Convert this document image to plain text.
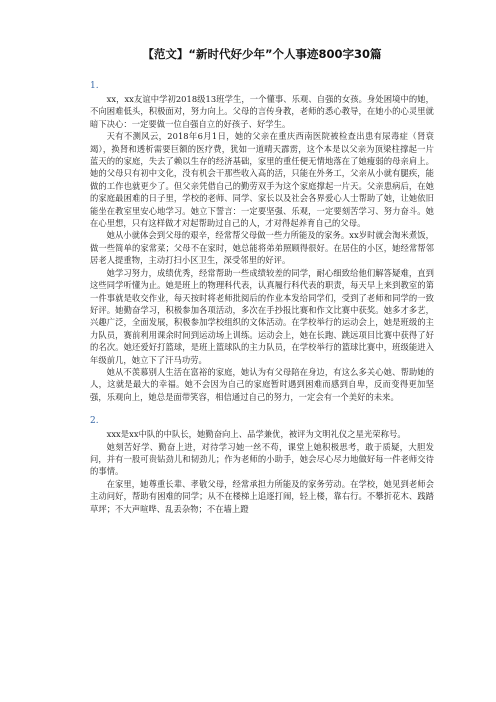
【范文】“新时代好少年”个人事迹800字30篇
1.

xx，xx友谊中学初2018级13班学生，一个懂事、乐观、自强的女孩。身处困境中的她，不向困难低头，积极面对，努力向上。父母的言传身教，老师的悉心教导，在她小的心灵里就暗下决心：一定要做一位自强自立的好孩子、好学生。

天有不测风云，2018年6月1日，她的父亲在重庆西南医院被检查出患有尿毒症（肾衰竭），换肾和透析需要巨额的医疗费，犹如一道晴天霹雳，这个本是以父亲为顶梁柱撑起一片蓝天的的家庭，失去了赖以生存的经济基础，家里的重任便无情地落在了她瘦弱的母亲肩上。她的父母只有初中文化，没有机会干那些收入高的活，只能在外务工，父亲从小就有腿疾，能做的工作也就更少了。但父亲凭借自己的勤劳双手为这个家庭撑起一片天。父亲患病后，在她的家庭最困难的日子里，学校的老师、同学、家长以及社会各界爱心人士帮助了她，让她依旧能坐在教室里安心地学习。她立下誓言：一定要坚强、乐观，一定要刻苦学习、努力奋斗。她在心里想，只有这样做才对起帮助过自己的人，才对得起养育自己的父母。

她从小就体会到父母的艰辛，经常帮父母做一些力所能及的家务。xx岁时就会淘米煮饭，做一些简单的家常菜；父母不在家时，她总能将弟弟照顾得很好。在居住的小区，她经常帮邻居老人提重物，主动打扫小区卫生，深受邻里的好评。

她学习努力，成绩优秀，经常帮助一些成绩较差的同学，耐心细致给他们解答疑难，直到这些同学听懂为止。她是班上的物理科代表，认真履行科代表的职责，每天早上来到教室的第一件事就是收交作业，每天按时将老师批阅后的作业本发给同学们，受到了老师和同学的一致好评。她勤奋学习，积极参加各项活动，多次在手抄报比赛和作文比赛中获奖。她多才多艺，兴趣广泛，全面发展，积极参加学校组织的文体活动。在学校举行的运动会上，她是班级的主力队员，赛前利用课余时间到运动场上训练。运动会上，她在长跑、跳远项目比赛中获得了好的名次。她还爱好打篮球，是班上篮球队的主力队员，在学校举行的篮球比赛中，班级能进入年级前几，她立下了汗马功劳。

她从不羡慕别人生活在富裕的家庭，她认为有父母陪在身边，有这么多关心她、帮助她的人，这就是最大的幸福。她不会因为自己的家庭暂时遇到困难而感到自卑，反而变得更加坚强，乐观向上，她总是面带笑容，相信通过自己的努力，一定会有一个美好的未来。

2.

xxx是xx中队的中队长，她勤奋向上、品学兼优，被评为文明礼仪之星光荣称号。

她刻苦好学、勤奋上进，对待学习她一丝不苟，课堂上她积极思考，敢于质疑，大胆发问，并有一股可贵钻劲儿和韧劲儿；作为老师的小助手，她会尽心尽力地做好每一件老师交待的事情。

在家里，她尊重长辈、孝敬父母，经常承担力所能及的家务劳动。在学校，她见到老师会主动问好，帮助有困难的同学；从不在楼梯上追逐打闹，轻上楼，靠右行。不攀折花木、践踏草坪；不大声喧哗、乱丢杂物；不在墙上蹬
